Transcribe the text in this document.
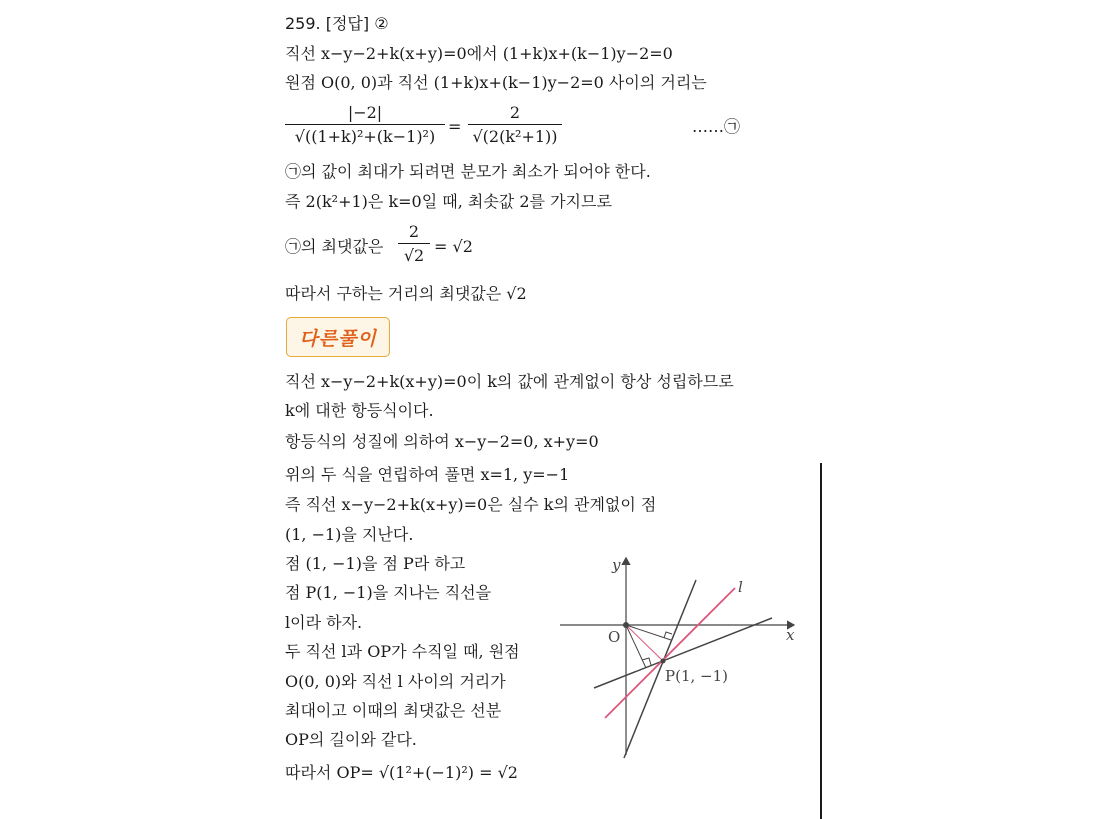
259. [정답] ②
직선 x−y−2+k(x+y)=0에서 (1+k)x+(k−1)y−2=0
원점 O(0, 0)과 직선 (1+k)x+(k−1)y−2=0 사이의 거리는
|−2|
√((1+k)²+(k−1)²)
=
2
√(2(k²+1))
……㉠
㉠의 값이 최대가 되려면 분모가 최소가 되어야 한다.
즉 2(k²+1)은 k=0일 때, 최솟값 2를 가지므로
㉠의 최댓값은
2
√2 = √2
따라서 구하는 거리의 최댓값은 √2
다른풀이
직선 x−y−2+k(x+y)=0이 k의 값에 관계없이 항상 성립하므로
k에 대한 항등식이다.
항등식의 성질에 의하여 x−y−2=0, x+y=0
위의 두 식을 연립하여 풀면 x=1, y=−1
즉 직선 x−y−2+k(x+y)=0은 실수 k의 관계없이 점
(1, −1)을 지난다.
점 (1, −1)을 점 P라 하고
점 P(1, −1)을 지나는 직선을
l이라 하자.
두 직선 l과 OP가 수직일 때, 원점
O(0, 0)와 직선 l 사이의 거리가
최대이고 이때의 최댓값은 선분
OP의 길이와 같다.
따라서 OP= √(1²+(−1)²) = √2
y
x
l
O
P(1, −1)
